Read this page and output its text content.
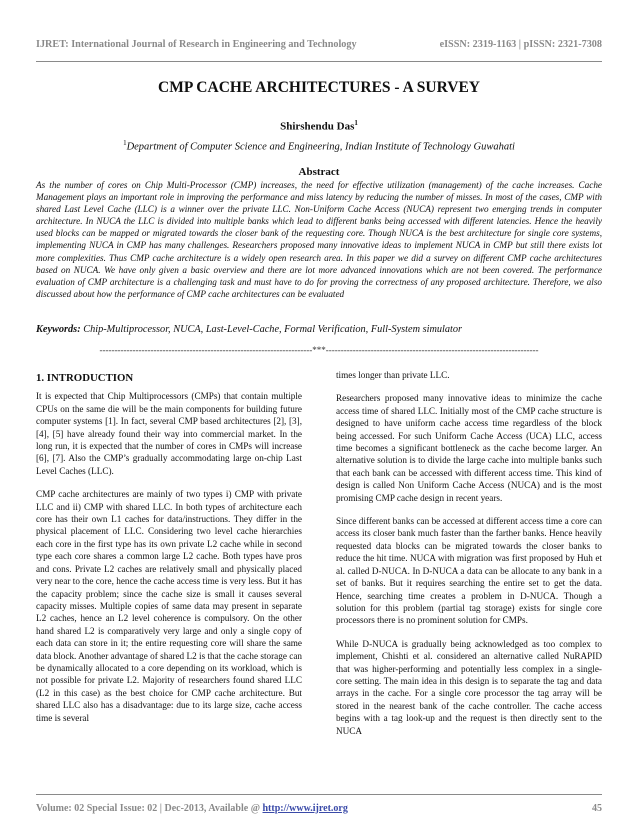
IJRET: International Journal of Research in Engineering and Technology	eISSN: 2319-1163 | pISSN: 2321-7308
CMP CACHE ARCHITECTURES - A SURVEY
Shirshendu Das$^1$
$^1$Department of Computer Science and Engineering, Indian Institute of Technology Guwahati
Abstract
As the number of cores on Chip Multi-Processor (CMP) increases, the need for effective utilization (management) of the cache increases. Cache Management plays an important role in improving the performance and miss latency by reducing the number of misses. In most of the cases, CMP with shared Last Level Cache (LLC) is a winner over the private LLC. Non-Uniform Cache Access (NUCA) represent two emerging trends in computer architecture. In NUCA the LLC is divided into multiple banks which lead to different banks being accessed with different latencies. Hence the heavily used blocks can be mapped or migrated towards the closer bank of the requesting core. Though NUCA is the best architecture for single core systems, implementing NUCA in CMP has many challenges. Researchers proposed many innovative ideas to implement NUCA in CMP but still there exists lot more complexities. Thus CMP cache architecture is a widely open research area. In this paper we did a survey on different CMP cache architectures based on NUCA. We have only given a basic overview and there are lot more advanced innovations which are not been covered. The performance evaluation of CMP architecture is a challenging task and must have to do for proving the correctness of any proposed architecture. Therefore, we also discussed about how the performance of CMP cache architectures can be evaluated
Keywords: Chip-Multiprocessor, NUCA, Last-Level-Cache, Formal Verification, Full-System simulator
-----------------------------------------------------------------------***-----------------------------------------------------------------------
1. INTRODUCTION

It is expected that Chip Multiprocessors (CMPs) that contain multiple CPUs on the same die will be the main components for building future computer systems [1]. In fact, several CMP based architectures [2], [3], [4], [5] have already found their way into commercial market. In the long run, it is expected that the number of cores in CMPs will increase [6], [7]. Also the CMP’s gradually accommodating large on-chip Last Level Caches (LLC).

CMP cache architectures are mainly of two types i) CMP with private LLC and ii) CMP with shared LLC. In both types of architecture each core has their own L1 caches for data/instructions. They differ in the physical placement of LLC. Considering two level cache hierarchies each core in the first type has its own private L2 cache while in second type each core shares a common large L2 cache. Both types have pros and cons. Private L2 caches are relatively small and physically placed very near to the core, hence the cache access time is very less. But it has the capacity problem; since the cache size is small it causes several capacity misses. Multiple copies of same data may present in separate L2 caches, hence an L2 level coherence is compulsory. On the other hand shared L2 is comparatively very large and only a single copy of each data can store in it; the entire requesting core will share the same data block. Another advantage of shared L2 is that the cache storage can be dynamically allocated to a core depending on its workload, which is not possible for private L2. Majority of researchers found shared LLC (L2 in this case) as the best choice for CMP cache architecture. But shared LLC also has a disadvantage: due to its large size, cache access time is several

times longer than private LLC.

Researchers proposed many innovative ideas to minimize the cache access time of shared LLC. Initially most of the CMP cache structure is designed to have uniform cache access time regardless of the block being accessed. For such Uniform Cache Access (UCA) LLC, access time becomes a significant bottleneck as the cache become larger. An alternative solution is to divide the large cache into multiple banks such that each bank can be accessed with different access time. This kind of design is called Non Uniform Cache Access (NUCA) and is the most promising CMP cache design in recent years.

Since different banks can be accessed at different access time a core can access its closer bank much faster than the farther banks. Hence heavily requested data blocks can be migrated towards the closer banks to reduce the hit time. NUCA with migration was first proposed by Huh et al. called D-NUCA. In D-NUCA a data can be allocate to any bank in a set of banks. But it requires searching the entire set to get the data. Hence, searching time creates a problem in D-NUCA. Though a solution for this problem (partial tag storage) exists for single core processors there is no prominent solution for CMPs.

While D-NUCA is gradually being acknowledged as too complex to implement, Chishti et al. considered an alternative called NuRAPID that was higher-performing and potentially less complex in a single-core setting. The main idea in this design is to separate the tag and data arrays in the cache. For a single core processor the tag array will be stored in the nearest bank of the cache controller. The cache access begins with a tag look-up and the request is then directly sent to the NUCA

Volume: 02 Special Issue: 02 | Dec-2013, Available @ http://www.ijret.org	45
